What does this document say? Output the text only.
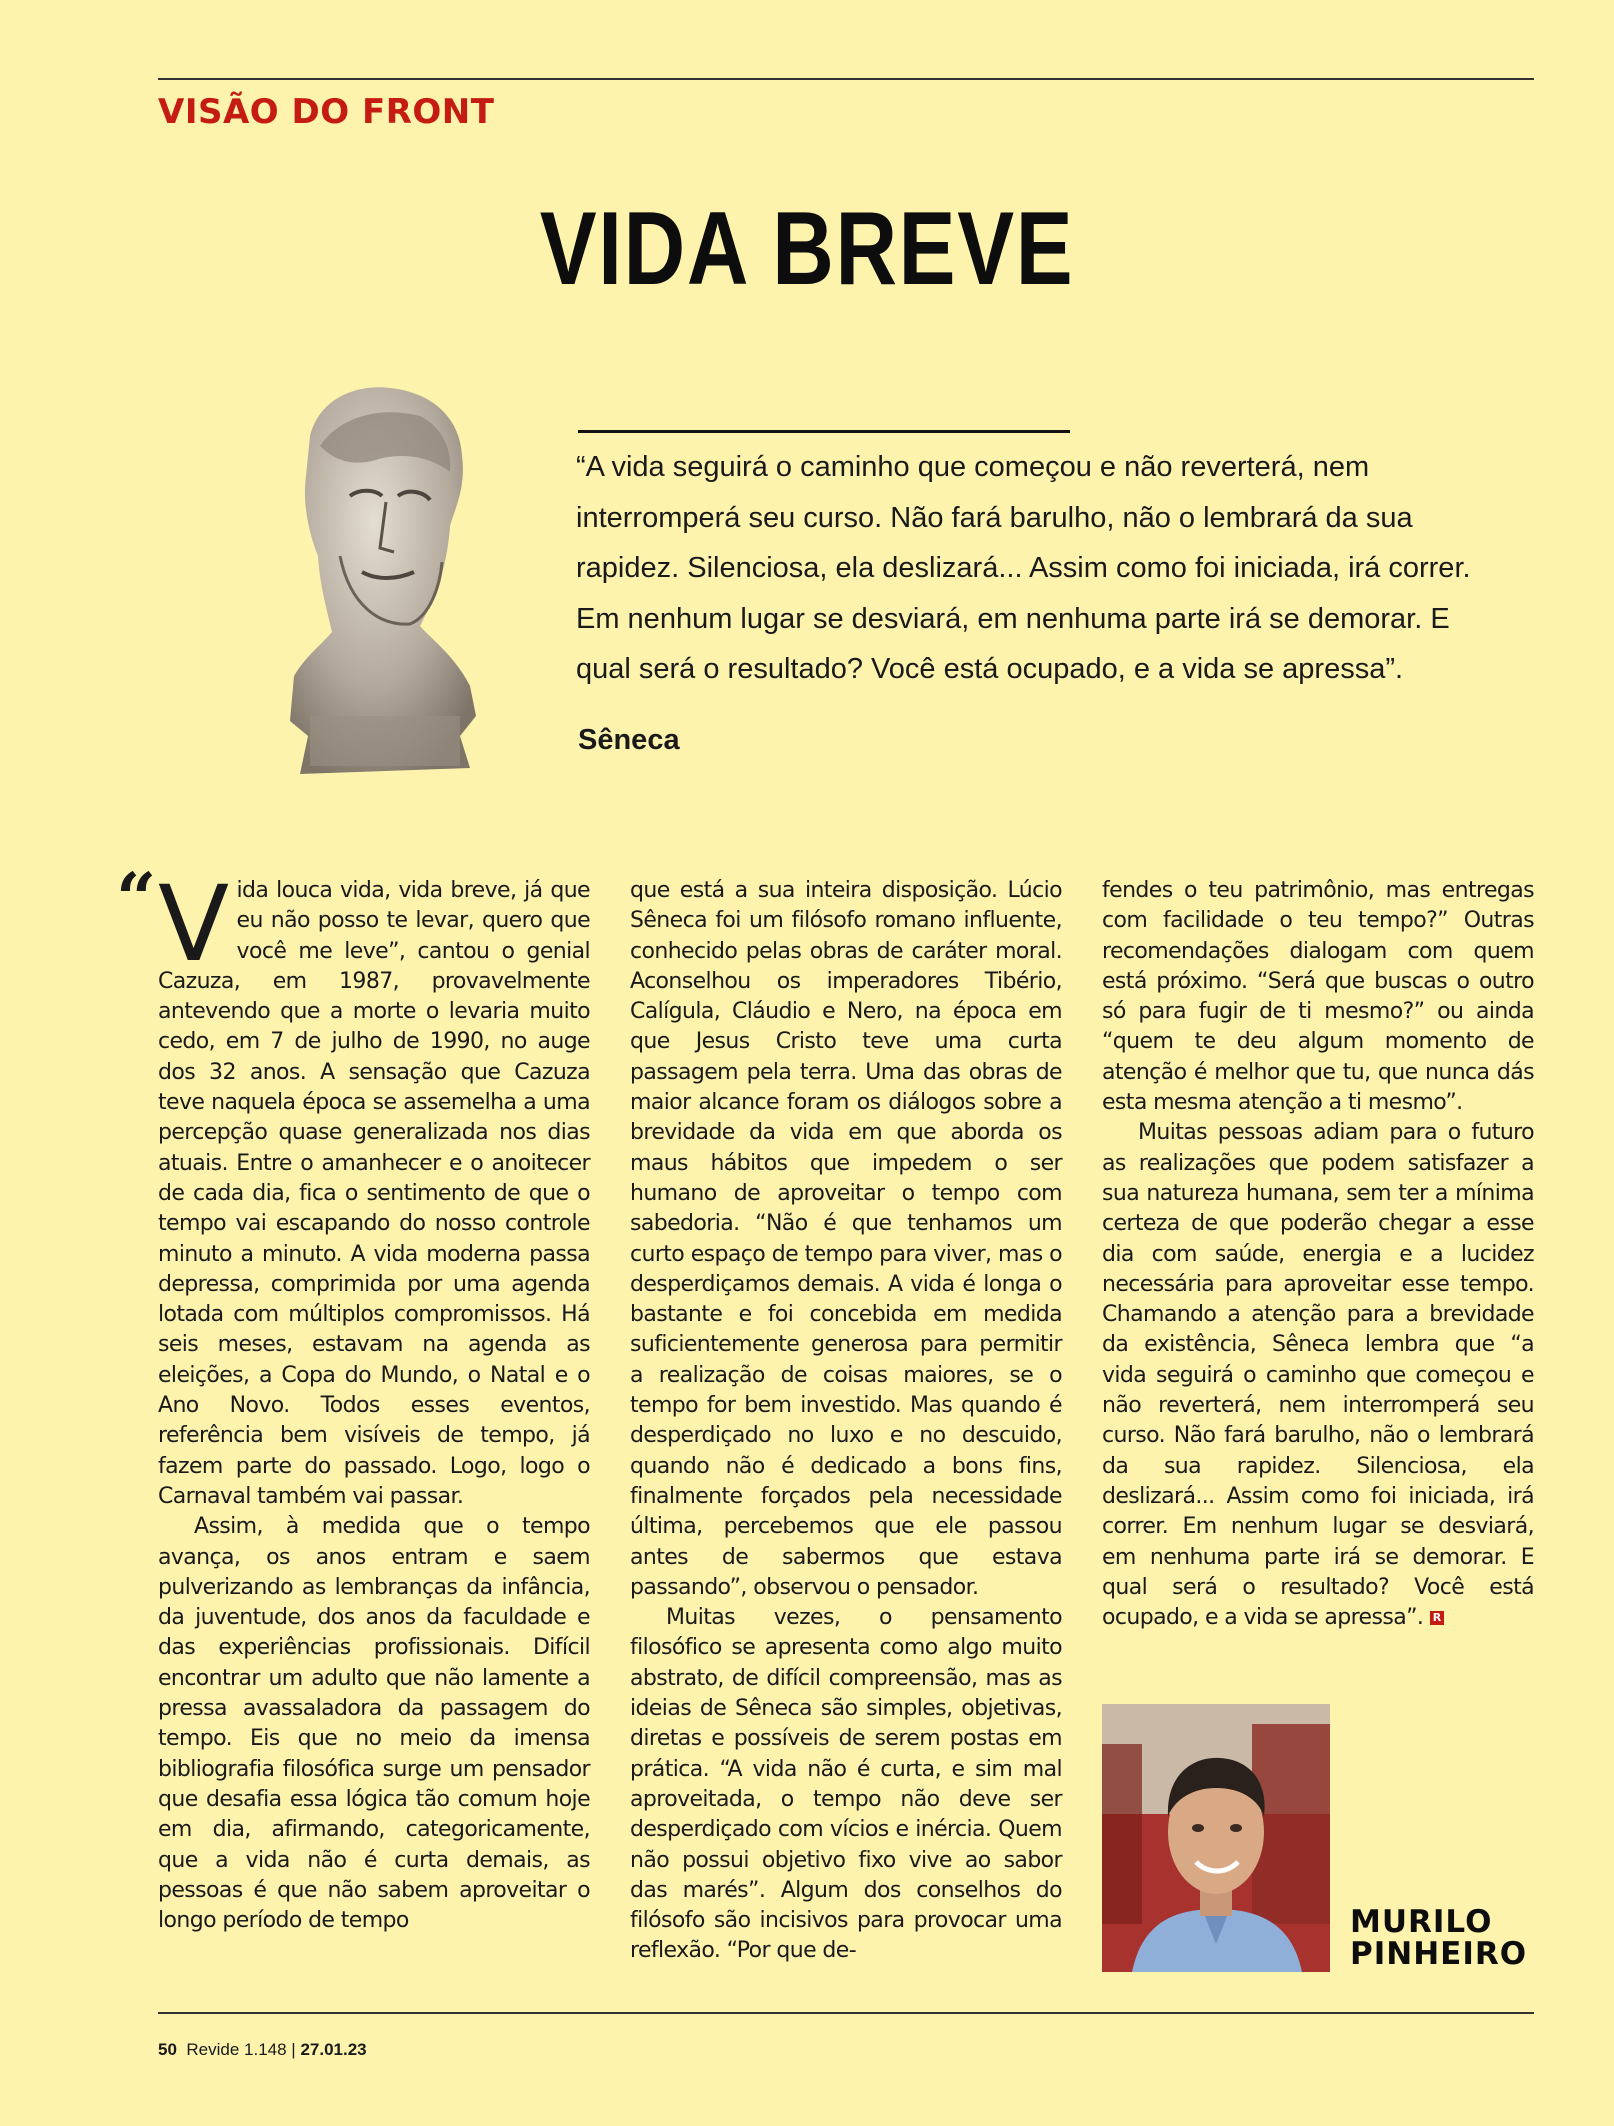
VISÃO DO FRONT
VIDA BREVE
“A vida seguirá o caminho que começou e não reverterá, nem interromperá seu curso. Não fará barulho, não o lembrará da sua rapidez. Silenciosa, ela deslizará... Assim como foi iniciada, irá correr. Em nenhum lugar se desviará, em nenhuma parte irá se demorar. E qual será o resultado? Você está ocupado, e a vida se apressa”.
Sêneca
“ Vida louca vida, vida breve, já que eu não posso te levar, quero que você me leve”, cantou o genial Cazuza, em 1987, provavelmente antevendo que a morte o levaria muito cedo, em 7 de julho de 1990, no auge dos 32 anos. A sensação que Cazuza teve naquela época se assemelha a uma percepção quase generalizada nos dias atuais. Entre o amanhecer e o anoitecer de cada dia, fica o sentimento de que o tempo vai escapando do nosso controle minuto a minuto. A vida moderna passa depressa, comprimida por uma agenda lotada com múltiplos compromissos. Há seis meses, estavam na agenda as eleições, a Copa do Mundo, o Natal e o Ano Novo. Todos esses eventos, referência bem visíveis de tempo, já fazem parte do passado. Logo, logo o Carnaval também vai passar.

Assim, à medida que o tempo avança, os anos entram e saem pulverizando as lembranças da infância, da juventude, dos anos da faculdade e das experiências profissionais. Difícil encontrar um adulto que não lamente a pressa avassaladora da passagem do tempo. Eis que no meio da imensa bibliografia filosófica surge um pensador que desafia essa lógica tão comum hoje em dia, afirmando, categoricamente, que a vida não é curta demais, as pessoas é que não sabem aproveitar o longo período de tempo

que está a sua inteira disposição. Lúcio Sêneca foi um filósofo romano influente, conhecido pelas obras de caráter moral. Aconselhou os imperadores Tibério, Calígula, Cláudio e Nero, na época em que Jesus Cristo teve uma curta passagem pela terra. Uma das obras de maior alcance foram os diálogos sobre a brevidade da vida em que aborda os maus hábitos que impedem o ser humano de aproveitar o tempo com sabedoria. “Não é que tenhamos um curto espaço de tempo para viver, mas o desperdiçamos demais. A vida é longa o bastante e foi concebida em medida suficientemente generosa para permitir a realização de coisas maiores, se o tempo for bem investido. Mas quando é desperdiçado no luxo e no descuido, quando não é dedicado a bons fins, finalmente forçados pela necessidade última, percebemos que ele passou antes de sabermos que estava passando”, observou o pensador.

Muitas vezes, o pensamento filosófico se apresenta como algo muito abstrato, de difícil compreensão, mas as ideias de Sêneca são simples, objetivas, diretas e possíveis de serem postas em prática. “A vida não é curta, e sim mal aproveitada, o tempo não deve ser desperdiçado com vícios e inércia. Quem não possui objetivo fixo vive ao sabor das marés”. Algum dos conselhos do filósofo são incisivos para provocar uma reflexão. “Por que de-

fendes o teu patrimônio, mas entregas com facilidade o teu tempo?” Outras recomendações dialogam com quem está próximo. “Será que buscas o outro só para fugir de ti mesmo?” ou ainda “quem te deu algum momento de atenção é melhor que tu, que nunca dás esta mesma atenção a ti mesmo”.

Muitas pessoas adiam para o futuro as realizações que podem satisfazer a sua natureza humana, sem ter a mínima certeza de que poderão chegar a esse dia com saúde, energia e a lucidez necessária para aproveitar esse tempo. Chamando a atenção para a brevidade da existência, Sêneca lembra que “a vida seguirá o caminho que começou e não reverterá, nem interromperá seu curso. Não fará barulho, não o lembrará da sua rapidez. Silenciosa, ela deslizará... Assim como foi iniciada, irá correr. Em nenhum lugar se desviará, em nenhuma parte irá se demorar. E qual será o resultado? Você está ocupado, e a vida se apressa”. R

MURILO
PINHEIRO
50 Revide 1.148 | 27.01.23
